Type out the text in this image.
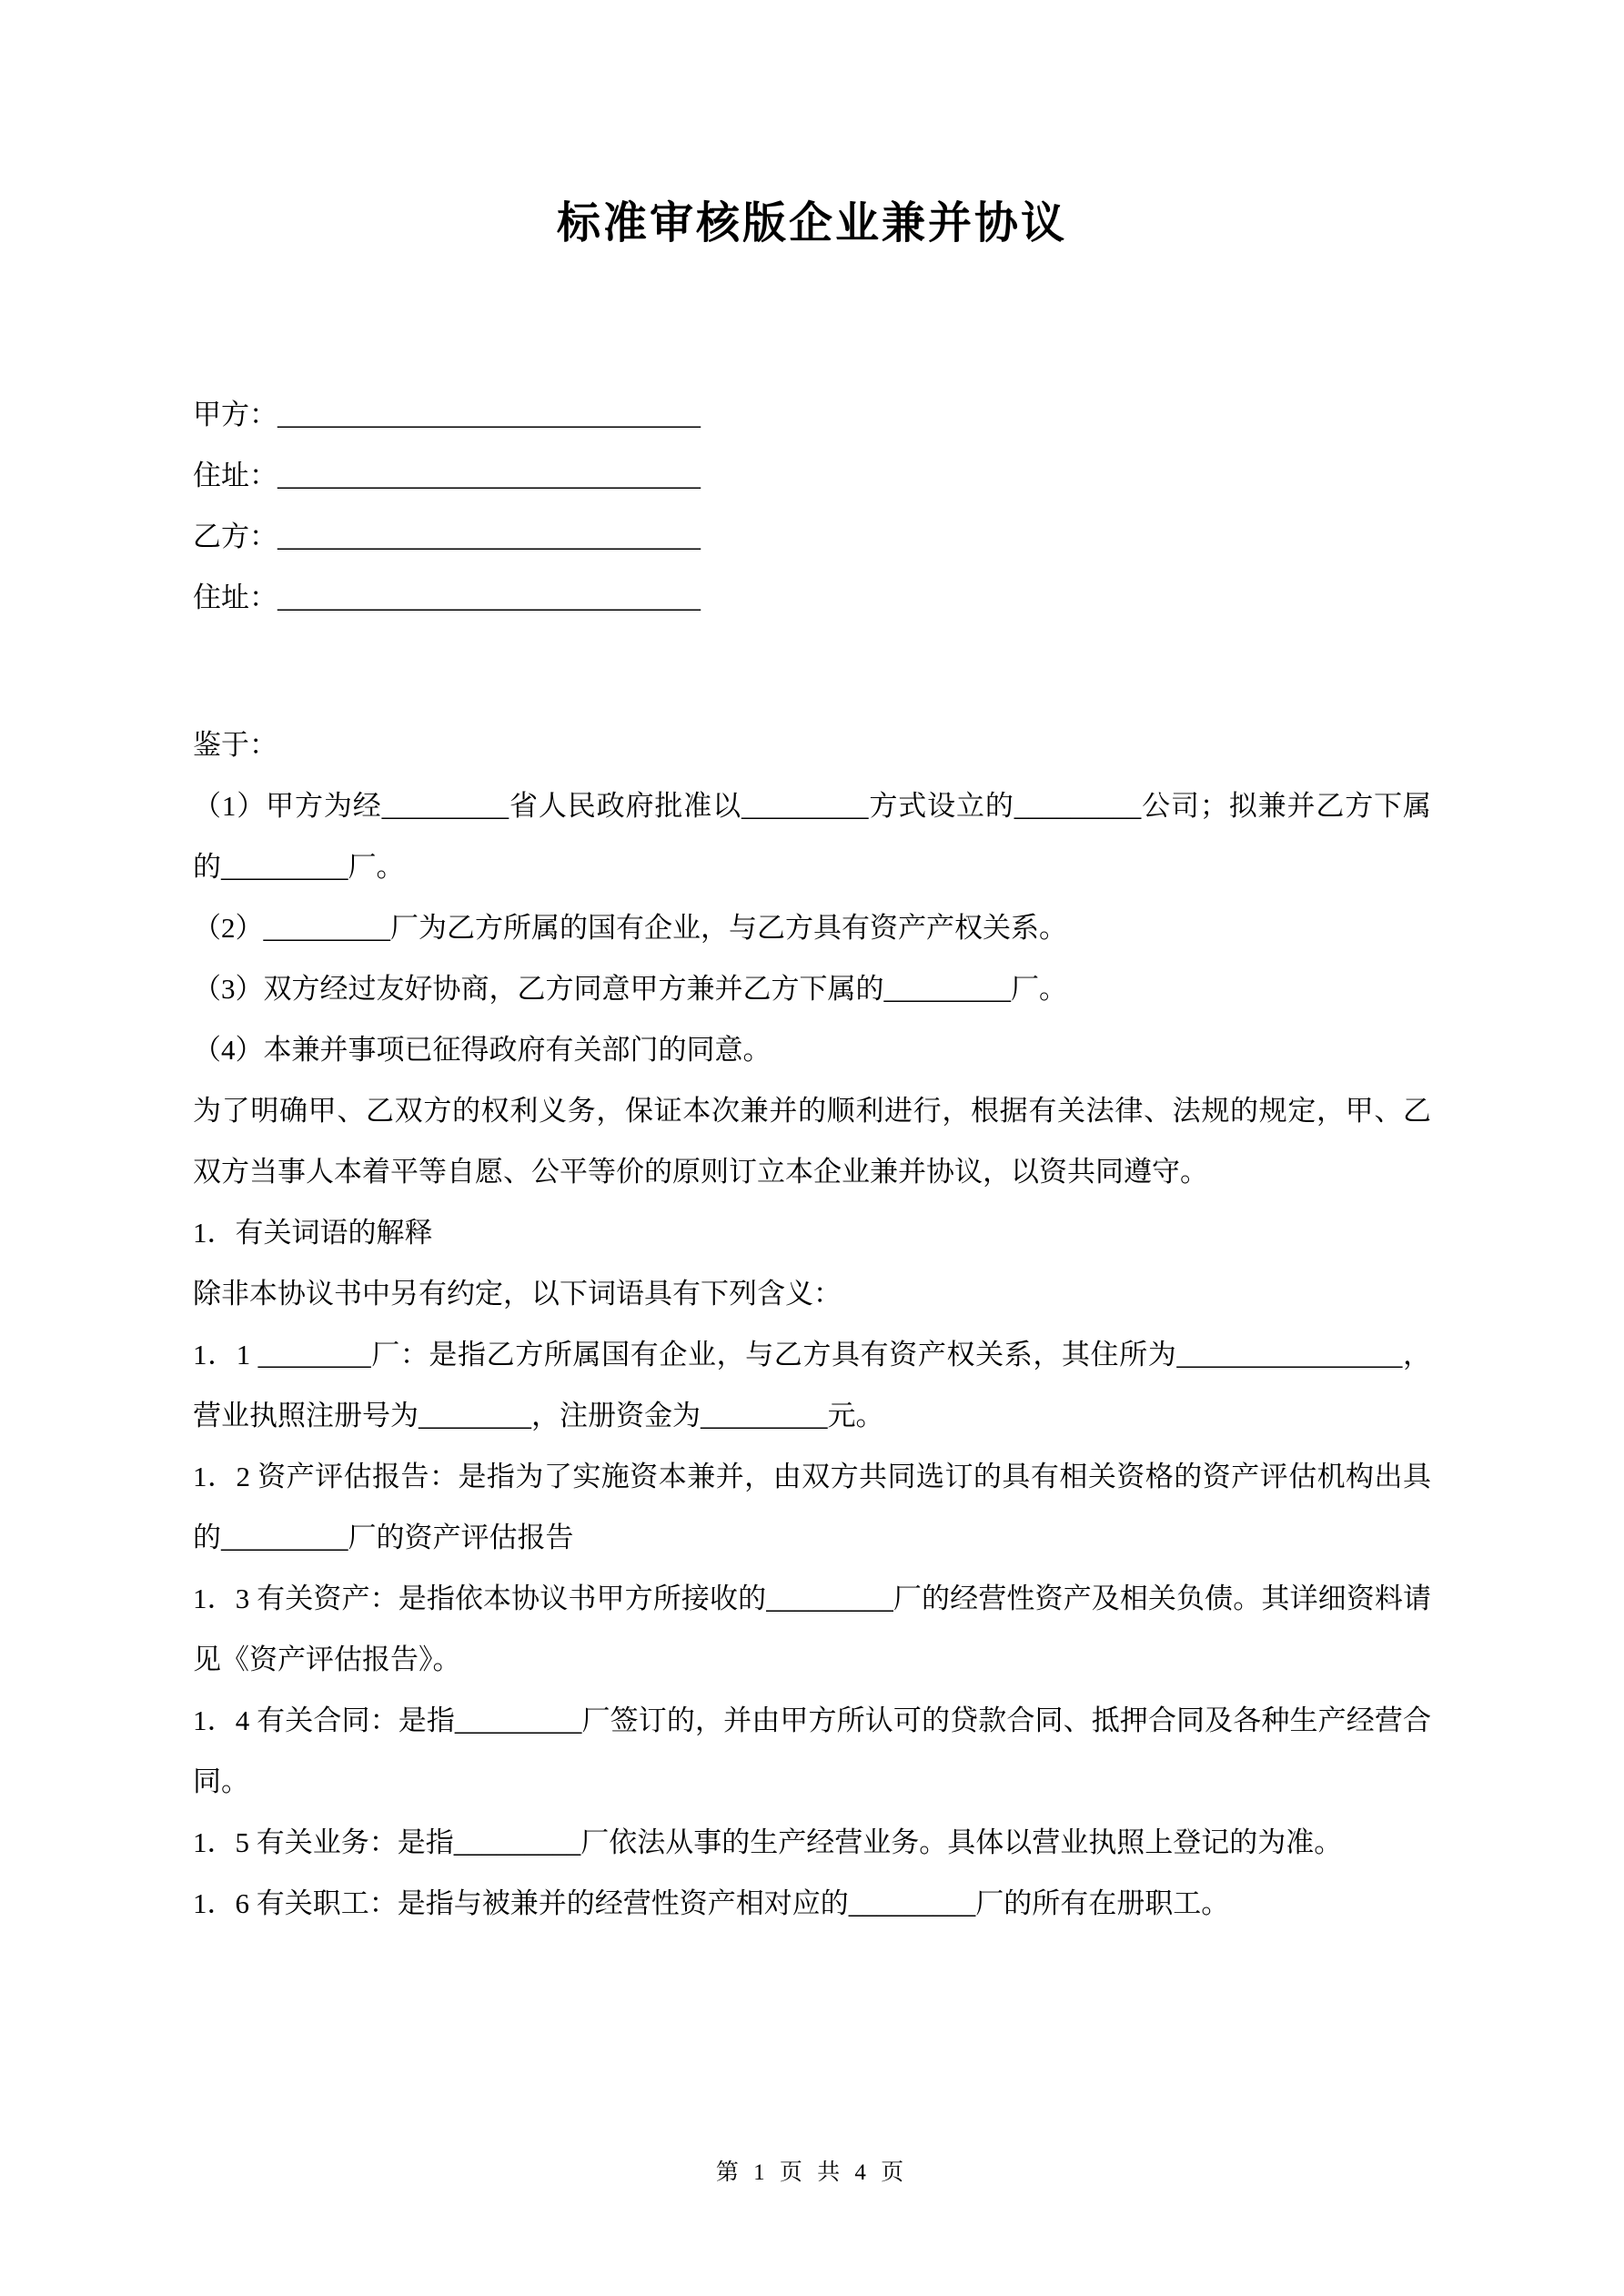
标准审核版企业兼并协议
甲方：______________________________
住址：______________________________
乙方：______________________________
住址：______________________________

鉴于：

（1）甲方为经_________省人民政府批准以_________方式设立的_________公司；拟兼并乙方下属的_________厂。

（2）_________厂为乙方所属的国有企业，与乙方具有资产产权关系。

（3）双方经过友好协商，乙方同意甲方兼并乙方下属的_________厂。

（4）本兼并事项已征得政府有关部门的同意。

为了明确甲、乙双方的权利义务，保证本次兼并的顺利进行，根据有关法律、法规的规定，甲、乙双方当事人本着平等自愿、公平等价的原则订立本企业兼并协议，以资共同遵守。

1．有关词语的解释

除非本协议书中另有约定，以下词语具有下列含义：

1．1 ________厂：是指乙方所属国有企业，与乙方具有资产权关系，其住所为________________，营业执照注册号为________，注册资金为_________元。

1．2 资产评估报告：是指为了实施资本兼并，由双方共同选订的具有相关资格的资产评估机构出具的_________厂的资产评估报告

1．3 有关资产：是指依本协议书甲方所接收的_________厂的经营性资产及相关负债。其详细资料请见《资产评估报告》。

1．4 有关合同：是指_________厂签订的，并由甲方所认可的贷款合同、抵押合同及各种生产经营合同。

1．5 有关业务：是指_________厂依法从事的生产经营业务。具体以营业执照上登记的为准。

1．6 有关职工：是指与被兼并的经营性资产相对应的_________厂的所有在册职工。

第 1 页 共 4 页
